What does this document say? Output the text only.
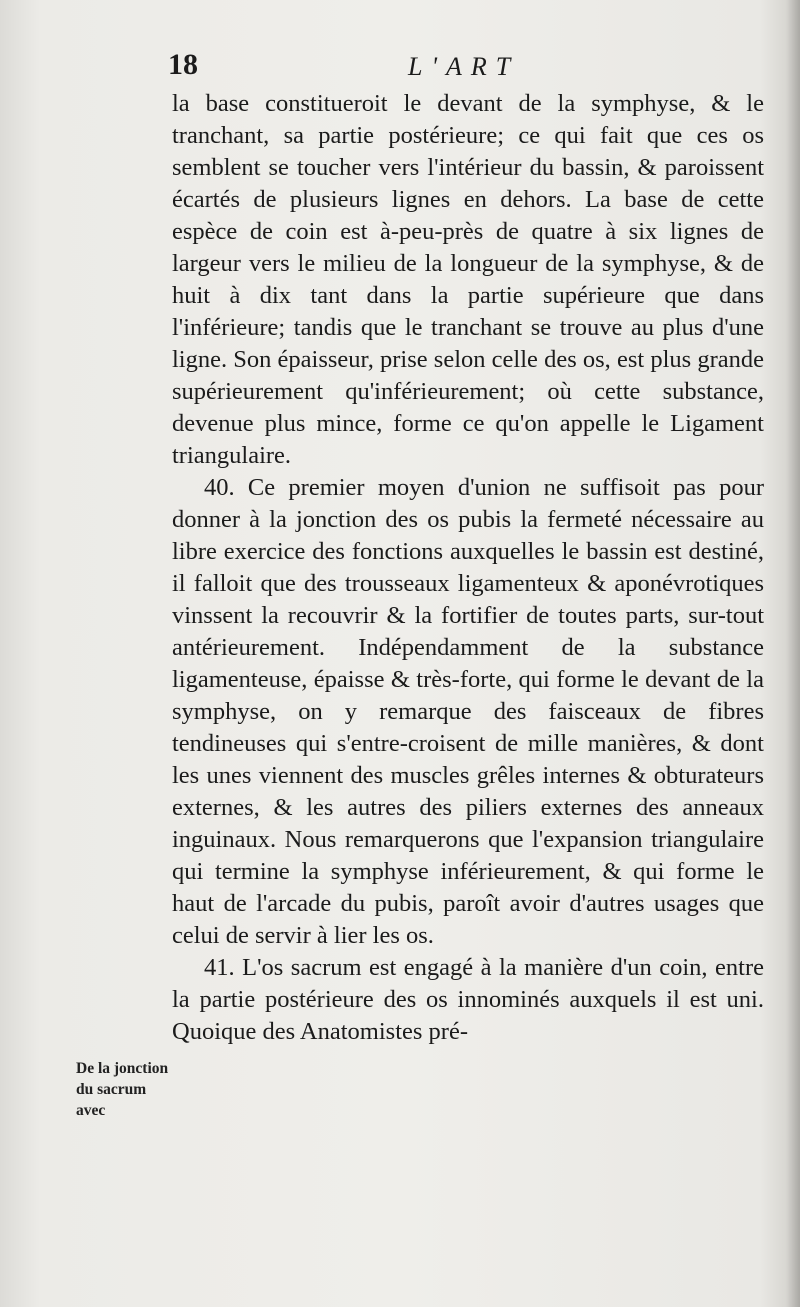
18	L'ART

la base constitueroit le devant de la symphyse, & le tranchant, sa partie postérieure; ce qui fait que ces os semblent se toucher vers l'intérieur du bassin, & paroissent écartés de plusieurs lignes en dehors. La base de cette espèce de coin est à-peu-près de quatre à six lignes de largeur vers le milieu de la longueur de la symphyse, & de huit à dix tant dans la partie supérieure que dans l'inférieure; tandis que le tranchant se trouve au plus d'une ligne. Son épaisseur, prise selon celle des os, est plus grande supérieurement qu'inférieurement; où cette substance, devenue plus mince, forme ce qu'on appelle le Ligament triangulaire.

40. Ce premier moyen d'union ne suffisoit pas pour donner à la jonction des os pubis la fermeté nécessaire au libre exercice des fonctions auxquelles le bassin est destiné, il falloit que des trousseaux ligamenteux & aponévrotiques vinssent la recouvrir & la fortifier de toutes parts, sur-tout antérieurement. Indépendamment de la substance ligamenteuse, épaisse & très-forte, qui forme le devant de la symphyse, on y remarque des faisceaux de fibres tendineuses qui s'entre-croisent de mille manières, & dont les unes viennent des muscles grêles internes & obturateurs externes, & les autres des piliers externes des anneaux inguinaux. Nous remarquerons que l'expansion triangulaire qui termine la symphyse inférieurement, & qui forme le haut de l'arcade du pubis, paroît avoir d'autres usages que celui de servir à lier les os.

41. L'os sacrum est engagé à la manière d'un coin, entre la partie postérieure des os innominés auxquels il est uni. Quoique des Anatomistes pré-

De la jonction du sacrum avec
